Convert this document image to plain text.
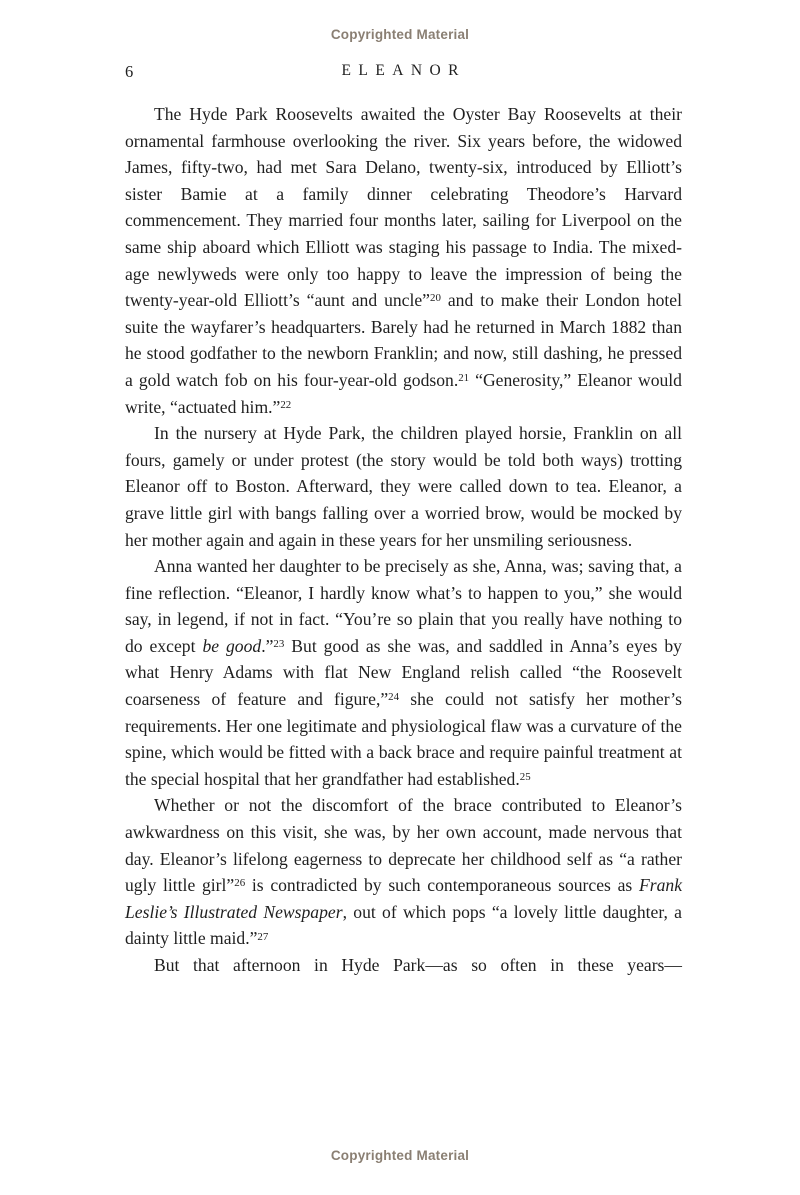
Copyrighted Material
6	ELEANOR

The Hyde Park Roosevelts awaited the Oyster Bay Roosevelts at their ornamental farmhouse overlooking the river. Six years before, the widowed James, fifty-two, had met Sara Delano, twenty-six, introduced by Elliott’s sister Bamie at a family dinner celebrating Theodore’s Harvard commencement. They married four months later, sailing for Liverpool on the same ship aboard which Elliott was staging his passage to India. The mixed-age newlyweds were only too happy to leave the impression of being the twenty-year-old Elliott’s “aunt and uncle”$^{20}$ and to make their London hotel suite the wayfarer’s headquarters. Barely had he returned in March 1882 than he stood godfather to the newborn Franklin; and now, still dashing, he pressed a gold watch fob on his four-year-old godson.$^{21}$ “Generosity,” Eleanor would write, “actuated him.”$^{22}$

In the nursery at Hyde Park, the children played horsie, Franklin on all fours, gamely or under protest (the story would be told both ways) trotting Eleanor off to Boston. Afterward, they were called down to tea. Eleanor, a grave little girl with bangs falling over a worried brow, would be mocked by her mother again and again in these years for her unsmiling seriousness.

Anna wanted her daughter to be precisely as she, Anna, was; saving that, a fine reflection. “Eleanor, I hardly know what’s to happen to you,” she would say, in legend, if not in fact. “You’re so plain that you really have nothing to do except be good.”$^{23}$ But good as she was, and saddled in Anna’s eyes by what Henry Adams with flat New England relish called “the Roosevelt coarseness of feature and figure,”$^{24}$ she could not satisfy her mother’s requirements. Her one legitimate and physiological flaw was a curvature of the spine, which would be fitted with a back brace and require painful treatment at the special hospital that her grandfather had established.$^{25}$

Whether or not the discomfort of the brace contributed to Eleanor’s awkwardness on this visit, she was, by her own account, made nervous that day. Eleanor’s lifelong eagerness to deprecate her childhood self as “a rather ugly little girl”$^{26}$ is contradicted by such contemporaneous sources as Frank Leslie’s Illustrated Newspaper, out of which pops “a lovely little daughter, a dainty little maid.”$^{27}$

But that afternoon in Hyde Park—as so often in these years—

Copyrighted Material
